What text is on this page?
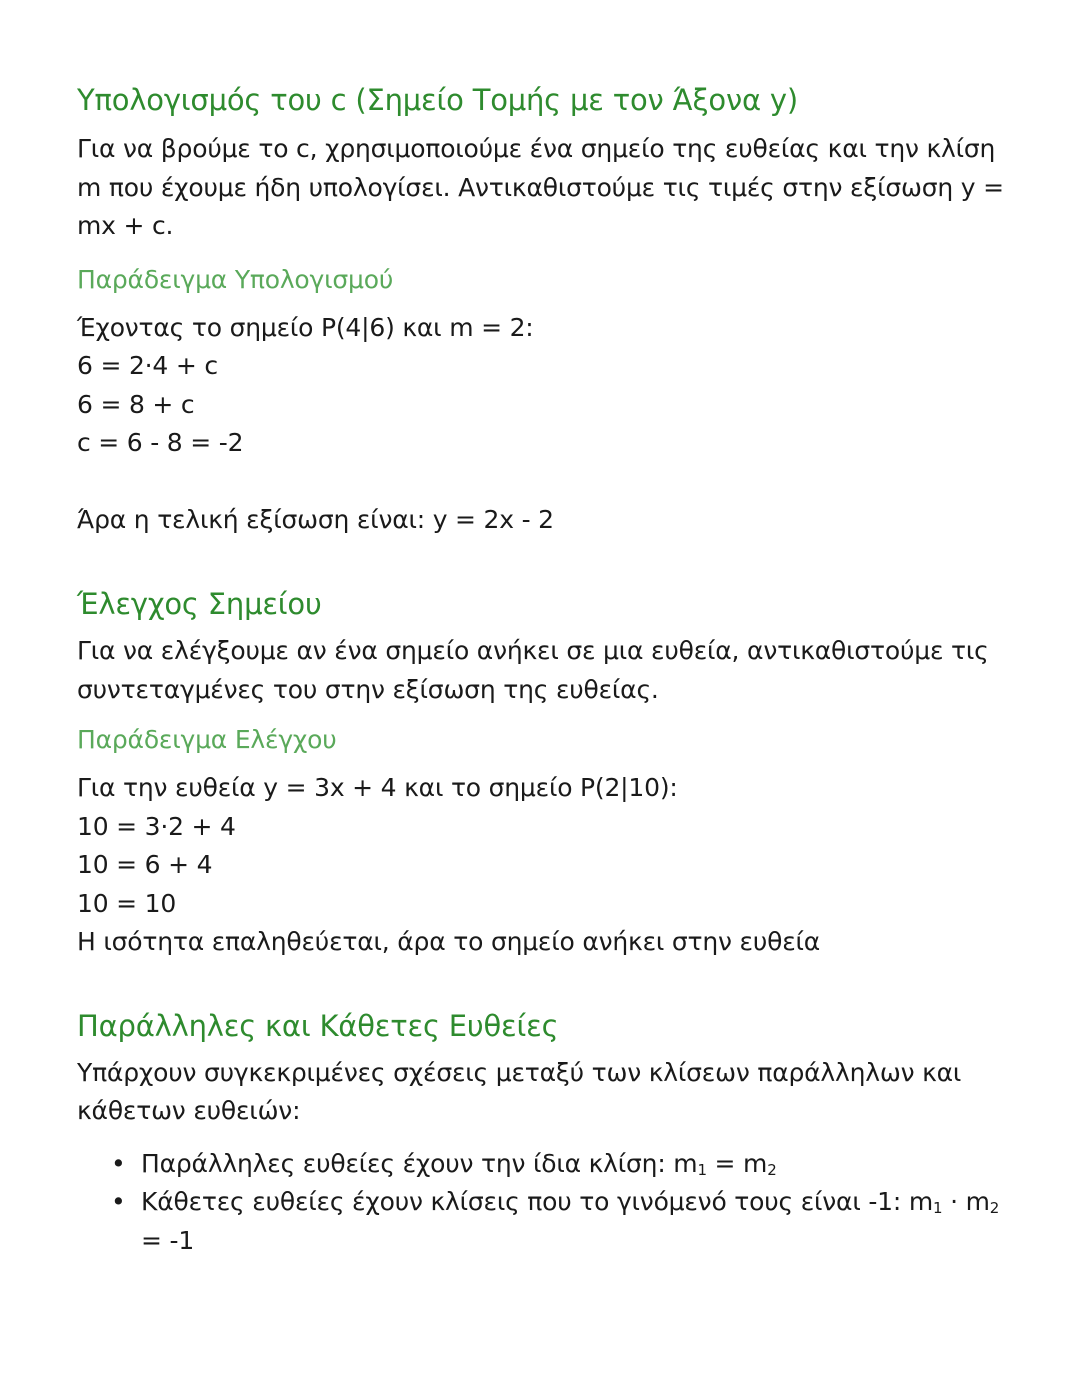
Υπολογισμός του c (Σημείο Τομής με τον Άξονα y)

Για να βρούμε το c, χρησιμοποιούμε ένα σημείο της ευθείας και την κλίση m που έχουμε ήδη υπολογίσει. Αντικαθιστούμε τις τιμές στην εξίσωση y = mx + c.

Παράδειγμα Υπολογισμού
Έχοντας το σημείο P(4|6) και m = 2:
6 = 2·4 + c
6 = 8 + c
c = 6 - 8 = -2

Άρα η τελική εξίσωση είναι: y = 2x - 2

Έλεγχος Σημείου

Για να ελέγξουμε αν ένα σημείο ανήκει σε μια ευθεία, αντικαθιστούμε τις συντεταγμένες του στην εξίσωση της ευθείας.

Παράδειγμα Ελέγχου
Για την ευθεία y = 3x + 4 και το σημείο P(2|10):
10 = 3·2 + 4
10 = 6 + 4
10 = 10
Η ισότητα επαληθεύεται, άρα το σημείο ανήκει στην ευθεία
Παράλληλες και Κάθετες Ευθείες

Υπάρχουν συγκεκριμένες σχέσεις μεταξύ των κλίσεων παράλληλων και κάθετων ευθειών:

• Παράλληλες ευθείες έχουν την ίδια κλίση: $m_1 = m_2$
• Κάθετες ευθείες έχουν κλίσεις που το γινόμενό τους είναι -1: $m_1 \cdot m_2 = -1$
